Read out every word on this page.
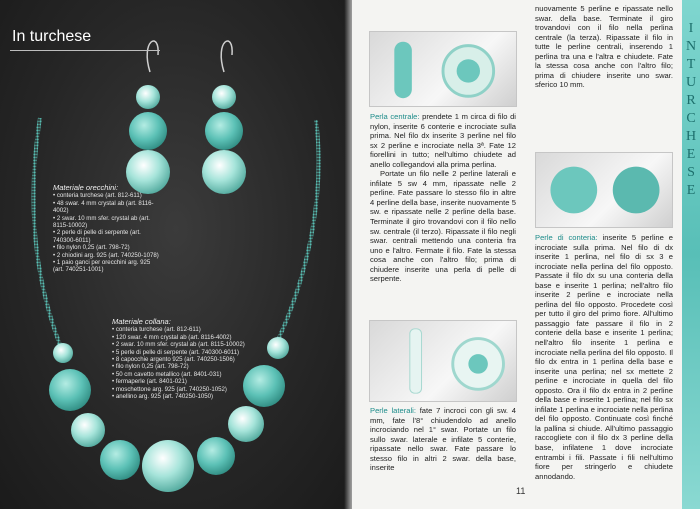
In turchese
Materiale orecchini:
• conteria turchese (art. 812-611)
• 48 swar. 4 mm crystal ab (art. 8116-4002)
• 2 swar. 10 mm sfer. crystal ab (art. 8115-10002)
• 2 perle di pelle di serpente (art. 740300-6011)
• filo nylon 0,25 (art. 798-72)
• 2 chiodini arg. 925 (art. 740250-1078)
• 1 paio ganci per orecchini arg. 925
(art. 740251-1001)
Materiale collana:
• conteria turchese (art. 812-611)
• 120 swar. 4 mm crystal ab (art. 8116-4002)
• 2 swar. 10 mm sfer. crystal ab (art. 8115-10002)
• 5 perle di pelle di serpente (art. 740300-6011)
• 8 capocchie argento 925 (art. 740250-1506)
• filo nylon 0,25 (art. 798-72)
• 50 cm cavetto metallico (art. 8401-031)
• fermaperle (art. 8401-021)
• moschettone arg. 925 (art. 740250-1052)
• anellino arg. 925 (art. 740250-1050)

Perla centrale: prendete 1 m circa di filo di nylon, inserite 6 conterie e incrociate sulla prima. Nel filo dx inserite 3 perline nel filo sx 2 perline e incrociate nella 3ª. Fate 12 fiorellini in tutto; nell'ultimo chiudete ad anello collegandovi alla prima perlina.

Portate un filo nelle 2 perline laterali e infilate 5 sw 4 mm, ripassate nelle 2 perline. Fate passare lo stesso filo in altre 4 perline della base, inserite nuovamente 5 sw. e ripassate nelle 2 perline della base. Terminate il giro trovandovi con il filo nello sw. centrale (il terzo). Ripassate il filo negli swar. centrali mettendo una conteria fra uno e l'altro. Fermate il filo. Fate la stessa cosa anche con l'altro filo; prima di chiudere inserite una perla di pelle di serpente.

Perle laterali: fate 7 incroci con gli sw. 4 mm, fate l'8° chiudendolo ad anello incrociando nel 1° swar. Portate un filo sullo swar. laterale e infilate 5 conterie, ripassate nello swar. Fate passare lo stesso filo in altri 2 swar. della base, inserite

nuovamente 5 perline e ripassate nello swar. della base. Terminate il giro trovandovi con il filo nella perlina centrale (la terza). Ripassate il filo in tutte le perline centrali, inserendo 1 perlina tra una e l'altra e chiudete. Fate la stessa cosa anche con l'altro filo; prima di chiudere inserite uno swar. sferico 10 mm.

Perle di conteria: inserite 5 perline e incrociate sulla prima. Nel filo di dx inserite 1 perlina, nel filo di sx 3 e incrociate nella perlina del filo opposto. Passate il filo dx su una conteria della base e inserite 1 perlina; nell'altro filo inserite 2 perline e incrociate nella perlina del filo opposto. Procedete così per tutto il giro del primo fiore. All'ultimo passaggio fate passare il filo in 2 conterie della base e inserite 1 perlina; nell'altro filo inserite 1 perlina e incrociate nella perlina del filo opposto. Il filo dx entra in 1 perlina della base e inserite una perlina; nel sx mettete 2 perline e incrociate in quella del filo opposto. Ora il filo dx entra in 2 perline della base e inserite 1 perlina; nel filo sx infilate 1 perlina e incrociate nella perlina del filo opposto. Continuate così finché la pallina si chiude. All'ultimo passaggio raccogliete con il filo dx 3 perline della base, infilatene 1 dove incrociate entrambi i fili. Passate i fili nell'ultimo fiore per stringerlo e chiudete annodando.

I
N
T
U
R
C
H
E
S
E
11
